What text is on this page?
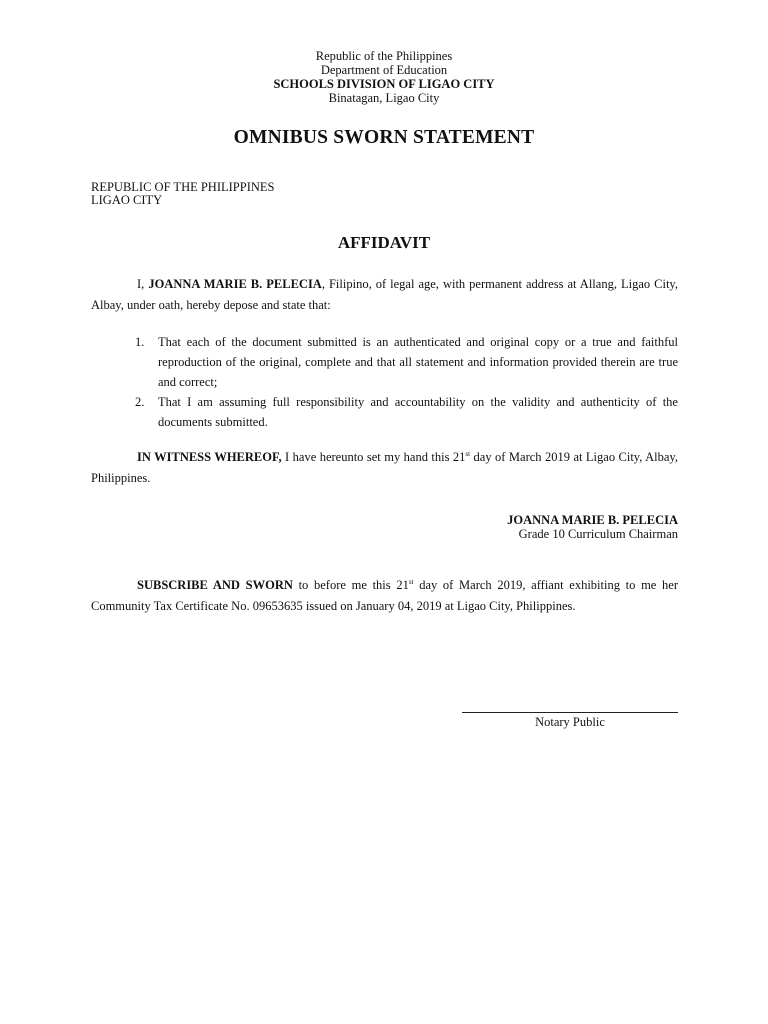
Republic of the Philippines
Department of Education
SCHOOLS DIVISION OF LIGAO CITY
Binatagan, Ligao City
OMNIBUS SWORN STATEMENT
REPUBLIC OF THE PHILIPPINES
LIGAO CITY
AFFIDAVIT
I, JOANNA MARIE B. PELECIA, Filipino, of legal age, with permanent address at Allang, Ligao City, Albay, under oath, hereby depose and state that:
1. That each of the document submitted is an authenticated and original copy or a true and faithful reproduction of the original, complete and that all statement and information provided therein are true and correct;
2. That I am assuming full responsibility and accountability on the validity and authenticity of the documents submitted.
IN WITNESS WHEREOF, I have hereunto set my hand this 21st day of March 2019 at Ligao City, Albay, Philippines.
JOANNA MARIE B. PELECIA
Grade 10 Curriculum Chairman
SUBSCRIBE AND SWORN to before me this 21st day of March 2019, affiant exhibiting to me her Community Tax Certificate No. 09653635 issued on January 04, 2019 at Ligao City, Philippines.
Notary Public
